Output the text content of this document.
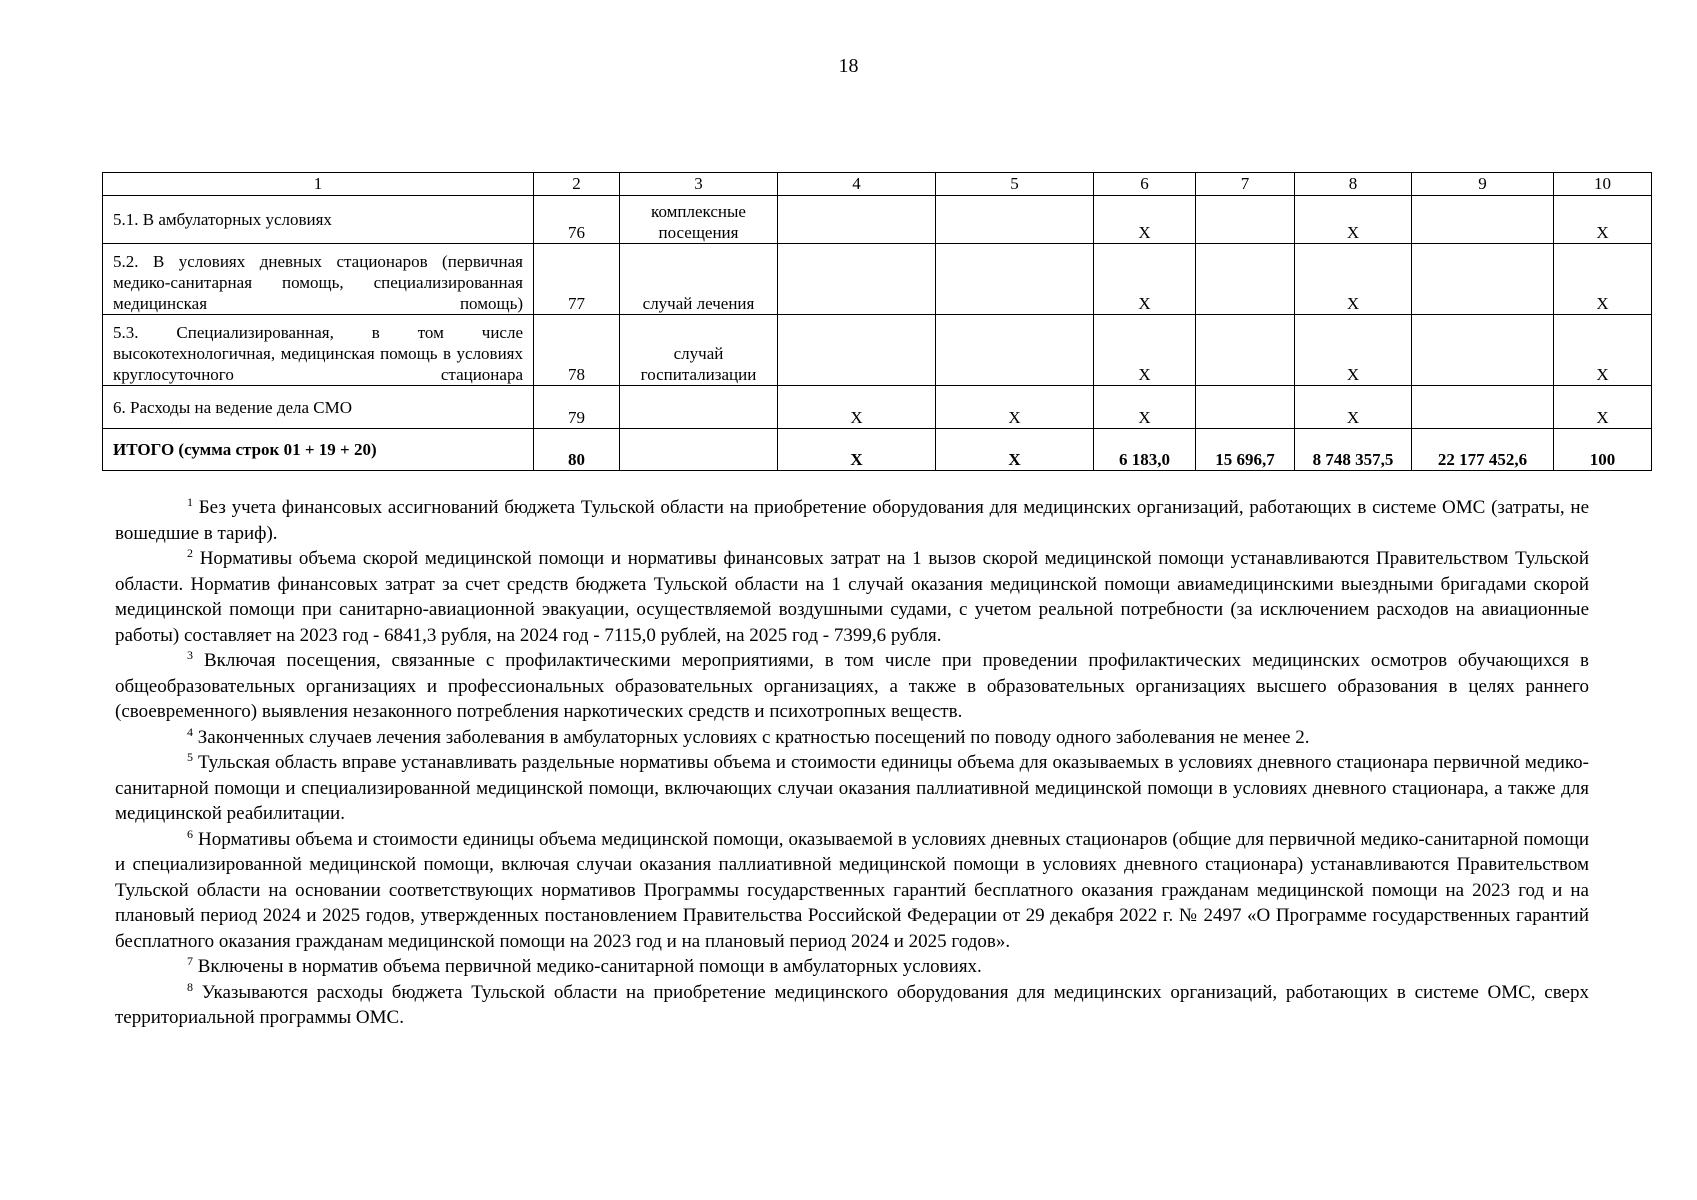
18
1	2	3	4	5	6	7	8	9	10
5.1. В амбулаторных условиях	76	комплексные посещения			X		X		X
5.2. В условиях дневных стационаров (первичная медико-санитарная помощь, специализированная медицинская помощь)	77	случай лечения			X		X		X
5.3. Специализированная, в том числе высокотехнологичная, медицинская помощь в условиях круглосуточного стационара	78	случай госпитализации			X		X		X
6. Расходы на ведение дела СМО	79		X	X	X		X		X
ИТОГО (сумма строк 01 + 19 + 20)	80		X	X	6 183,0	15 696,7	8 748 357,5	22 177 452,6	100

$^1$ Без учета финансовых ассигнований бюджета Тульской области на приобретение оборудования для медицинских организаций, работающих в системе ОМС (затраты, не вошедшие в тариф).

$^2$ Нормативы объема скорой медицинской помощи и нормативы финансовых затрат на 1 вызов скорой медицинской помощи устанавливаются Правительством Тульской области. Норматив финансовых затрат за счет средств бюджета Тульской области на 1 случай оказания медицинской помощи авиамедицинскими выездными бригадами скорой медицинской помощи при санитарно-авиационной эвакуации, осуществляемой воздушными судами, с учетом реальной потребности (за исключением расходов на авиационные работы) составляет на 2023 год - 6841,3 рубля, на 2024 год - 7115,0 рублей, на 2025 год - 7399,6 рубля.

$^3$ Включая посещения, связанные с профилактическими мероприятиями, в том числе при проведении профилактических медицинских осмотров обучающихся в общеобразовательных организациях и профессиональных образовательных организациях, а также в образовательных организациях высшего образования в целях раннего (своевременного) выявления незаконного потребления наркотических средств и психотропных веществ.

$^4$ Законченных случаев лечения заболевания в амбулаторных условиях с кратностью посещений по поводу одного заболевания не менее 2.

$^5$ Тульская область вправе устанавливать раздельные нормативы объема и стоимости единицы объема для оказываемых в условиях дневного стационара первичной медико-санитарной помощи и специализированной медицинской помощи, включающих случаи оказания паллиативной медицинской помощи в условиях дневного стационара, а также для медицинской реабилитации.

$^6$ Нормативы объема и стоимости единицы объема медицинской помощи, оказываемой в условиях дневных стационаров (общие для первичной медико-санитарной помощи и специализированной медицинской помощи, включая случаи оказания паллиативной медицинской помощи в условиях дневного стационара) устанавливаются Правительством Тульской области на основании соответствующих нормативов Программы государственных гарантий бесплатного оказания гражданам медицинской помощи на 2023 год и на плановый период 2024 и 2025 годов, утвержденных постановлением Правительства Российской Федерации от 29 декабря 2022 г. № 2497 «О Программе государственных гарантий бесплатного оказания гражданам медицинской помощи на 2023 год и на плановый период 2024 и 2025 годов».

$^7$ Включены в норматив объема первичной медико-санитарной помощи в амбулаторных условиях.

$^8$ Указываются расходы бюджета Тульской области на приобретение медицинского оборудования для медицинских организаций, работающих в системе ОМС, сверх территориальной программы ОМС.
